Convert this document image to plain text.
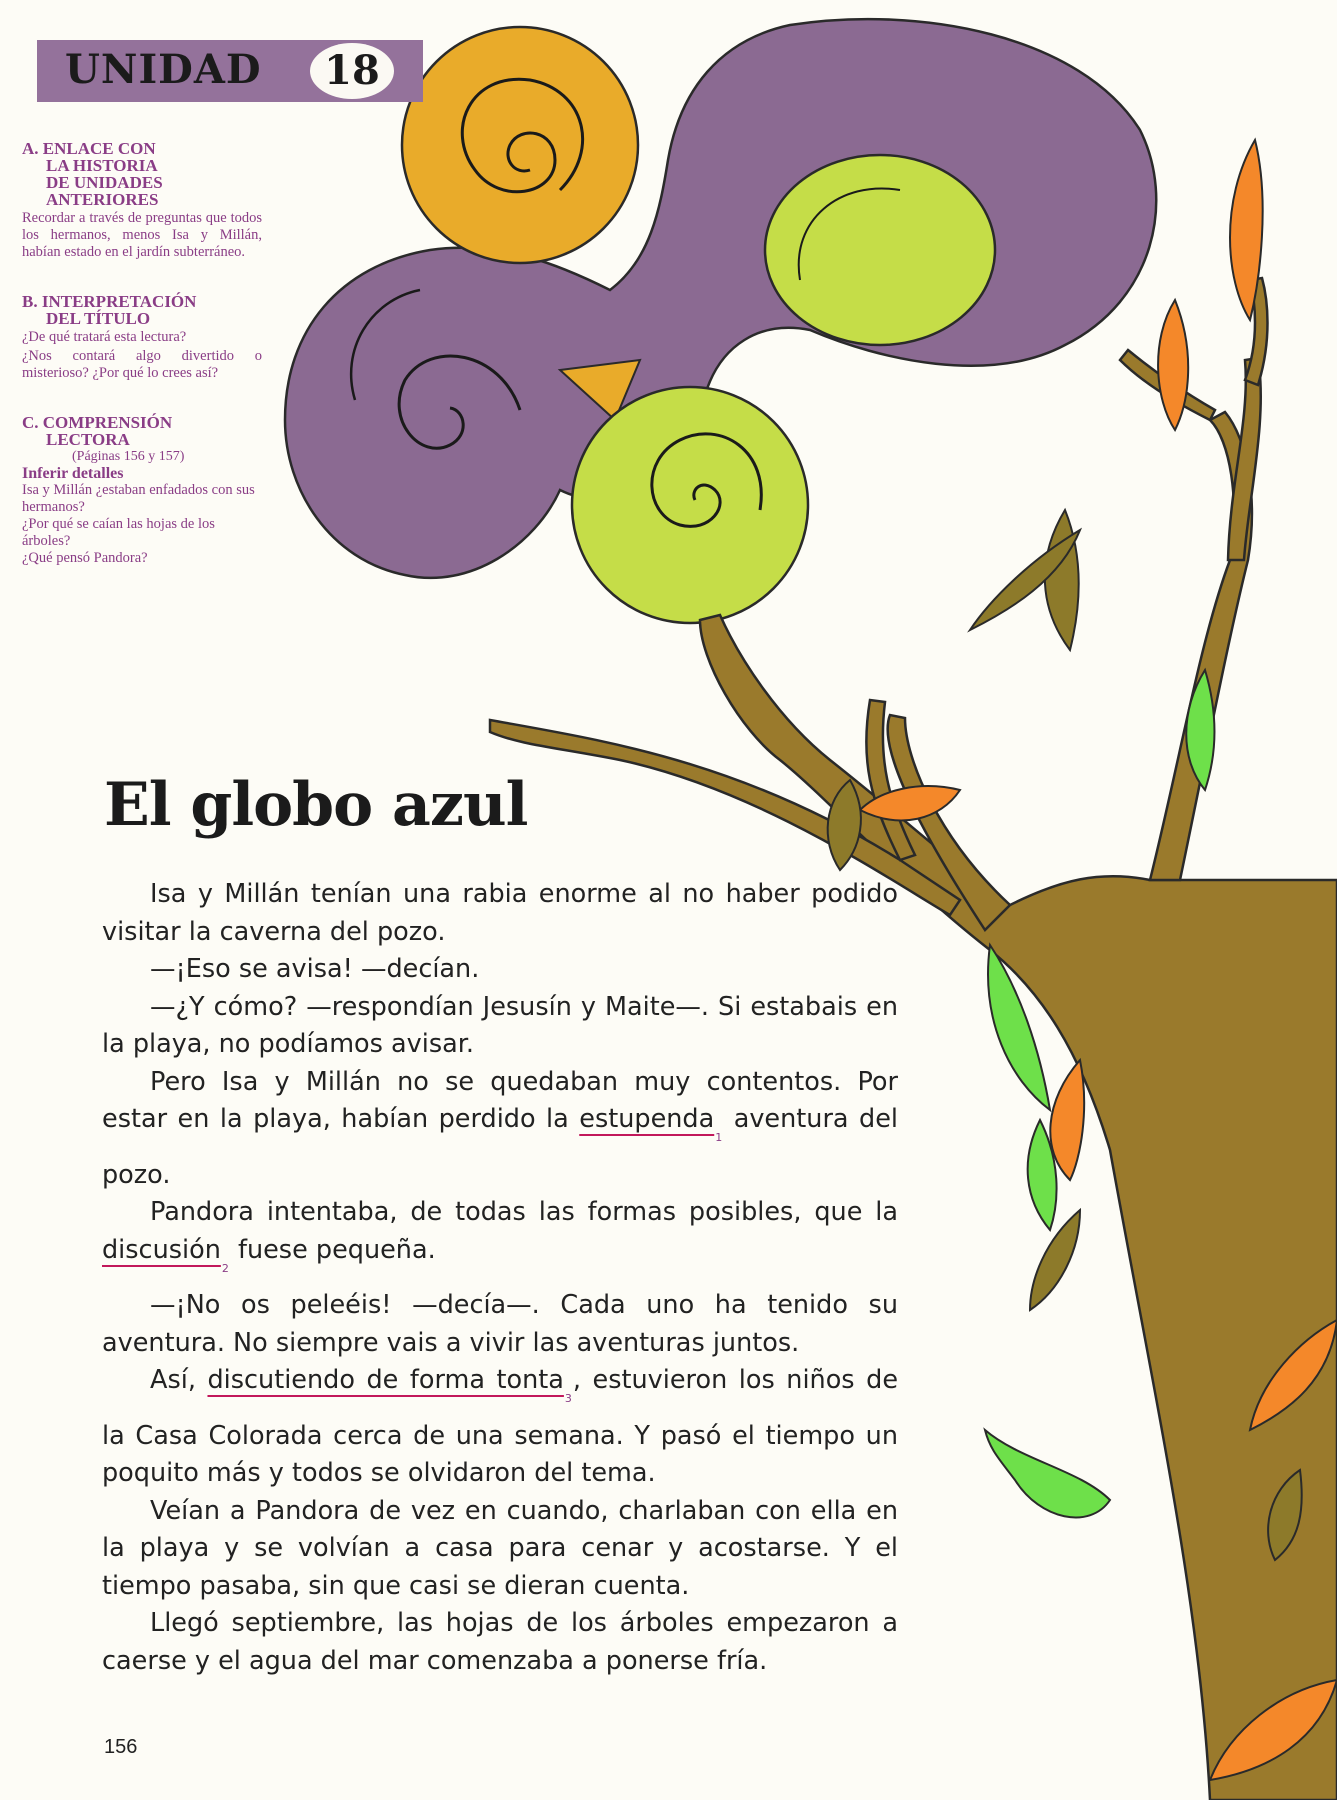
UNIDAD	18
A. ENLACE CON
LA HISTORIA
DE UNIDADES
ANTERIORES
Recordar a través de preguntas que todos los hermanos, menos Isa y Millán, habían estado en el jardín subterráneo.
B. INTERPRETACIÓN
DEL TÍTULO
¿De qué tratará esta lectura?
¿Nos contará algo divertido o misterioso? ¿Por qué lo crees así?
C. COMPRENSIÓN
LECTORA
(Páginas 156 y 157)
Inferir detalles
Isa y Millán ¿estaban enfadados con sus hermanos?
¿Por qué se caían las hojas de los árboles?
¿Qué pensó Pandora?
El globo azul

Isa y Millán tenían una rabia enorme al no haber podido visitar la caverna del pozo.

—¡Eso se avisa! —decían.

—¿Y cómo? —respondían Jesusín y Maite—. Si estabais en la playa, no podíamos avisar.

Pero Isa y Millán no se quedaban muy contentos. Por estar en la playa, habían perdido la estupenda$_1$ aventura del pozo.

Pandora intentaba, de todas las formas posibles, que la discusión$_2$ fuese pequeña.

—¡No os peleéis! —decía—. Cada uno ha tenido su aventura. No siempre vais a vivir las aventuras juntos.

Así, discutiendo de forma tonta$_3$, estuvieron los niños de la Casa Colorada cerca de una semana. Y pasó el tiempo un poquito más y todos se olvidaron del tema.

Veían a Pandora de vez en cuando, charlaban con ella en la playa y se volvían a casa para cenar y acostarse. Y el tiempo pasaba, sin que casi se dieran cuenta.

Llegó septiembre, las hojas de los árboles empezaron a caerse y el agua del mar comenzaba a ponerse fría.

156
